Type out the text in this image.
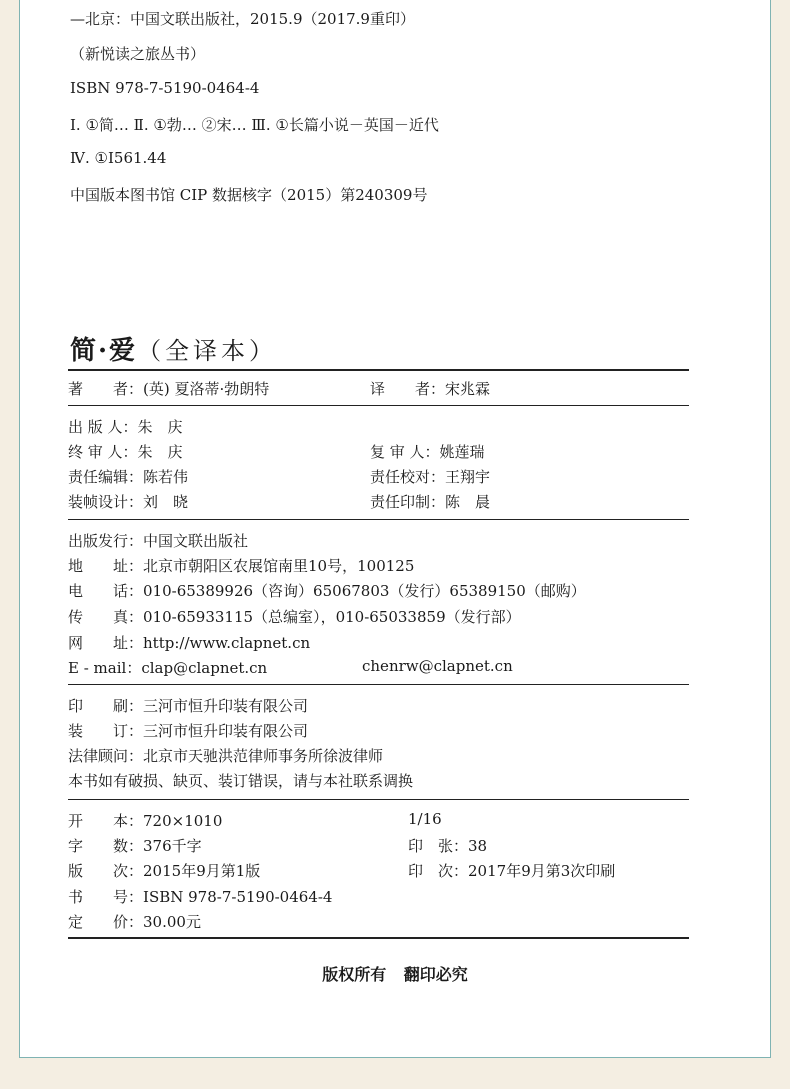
—北京：中国文联出版社，2015.9（2017.9重印）
（新悦读之旅丛书）
ISBN 978-7-5190-0464-4
Ⅰ. ①简… Ⅱ. ①勃… ②宋… Ⅲ. ①长篇小说－英国－近代
Ⅳ. ①I561.44
中国版本图书馆 CIP 数据核字（2015）第240309号
简·爱（全译本）
著　　者：(英) 夏洛蒂·勃朗特	译　　者：宋兆霖
出 版 人：朱　庆
终 审 人：朱　庆	复 审 人：姚莲瑞
责任编辑：陈若伟	责任校对：王翔宇
装帧设计：刘　晓	责任印制：陈　晨
出版发行：中国文联出版社
地　　址：北京市朝阳区农展馆南里10号，100125
电　　话：010-65389926（咨询）65067803（发行）65389150（邮购）
传　　真：010-65933115（总编室），010-65033859（发行部）
网　　址：http://www.clapnet.cn
E - mail：clap@clapnet.cn	chenrw@clapnet.cn
印　　刷：三河市恒升印装有限公司
装　　订：三河市恒升印装有限公司
法律顾问：北京市天驰洪范律师事务所徐波律师
本书如有破损、缺页、装订错误，请与本社联系调换
开　　本：720×1010	1/16
字　　数：376千字	印　张：38
版　　次：2015年9月第1版	印　次：2017年9月第3次印刷
书　　号：ISBN 978-7-5190-0464-4
定　　价：30.00元
版权所有 翻印必究
